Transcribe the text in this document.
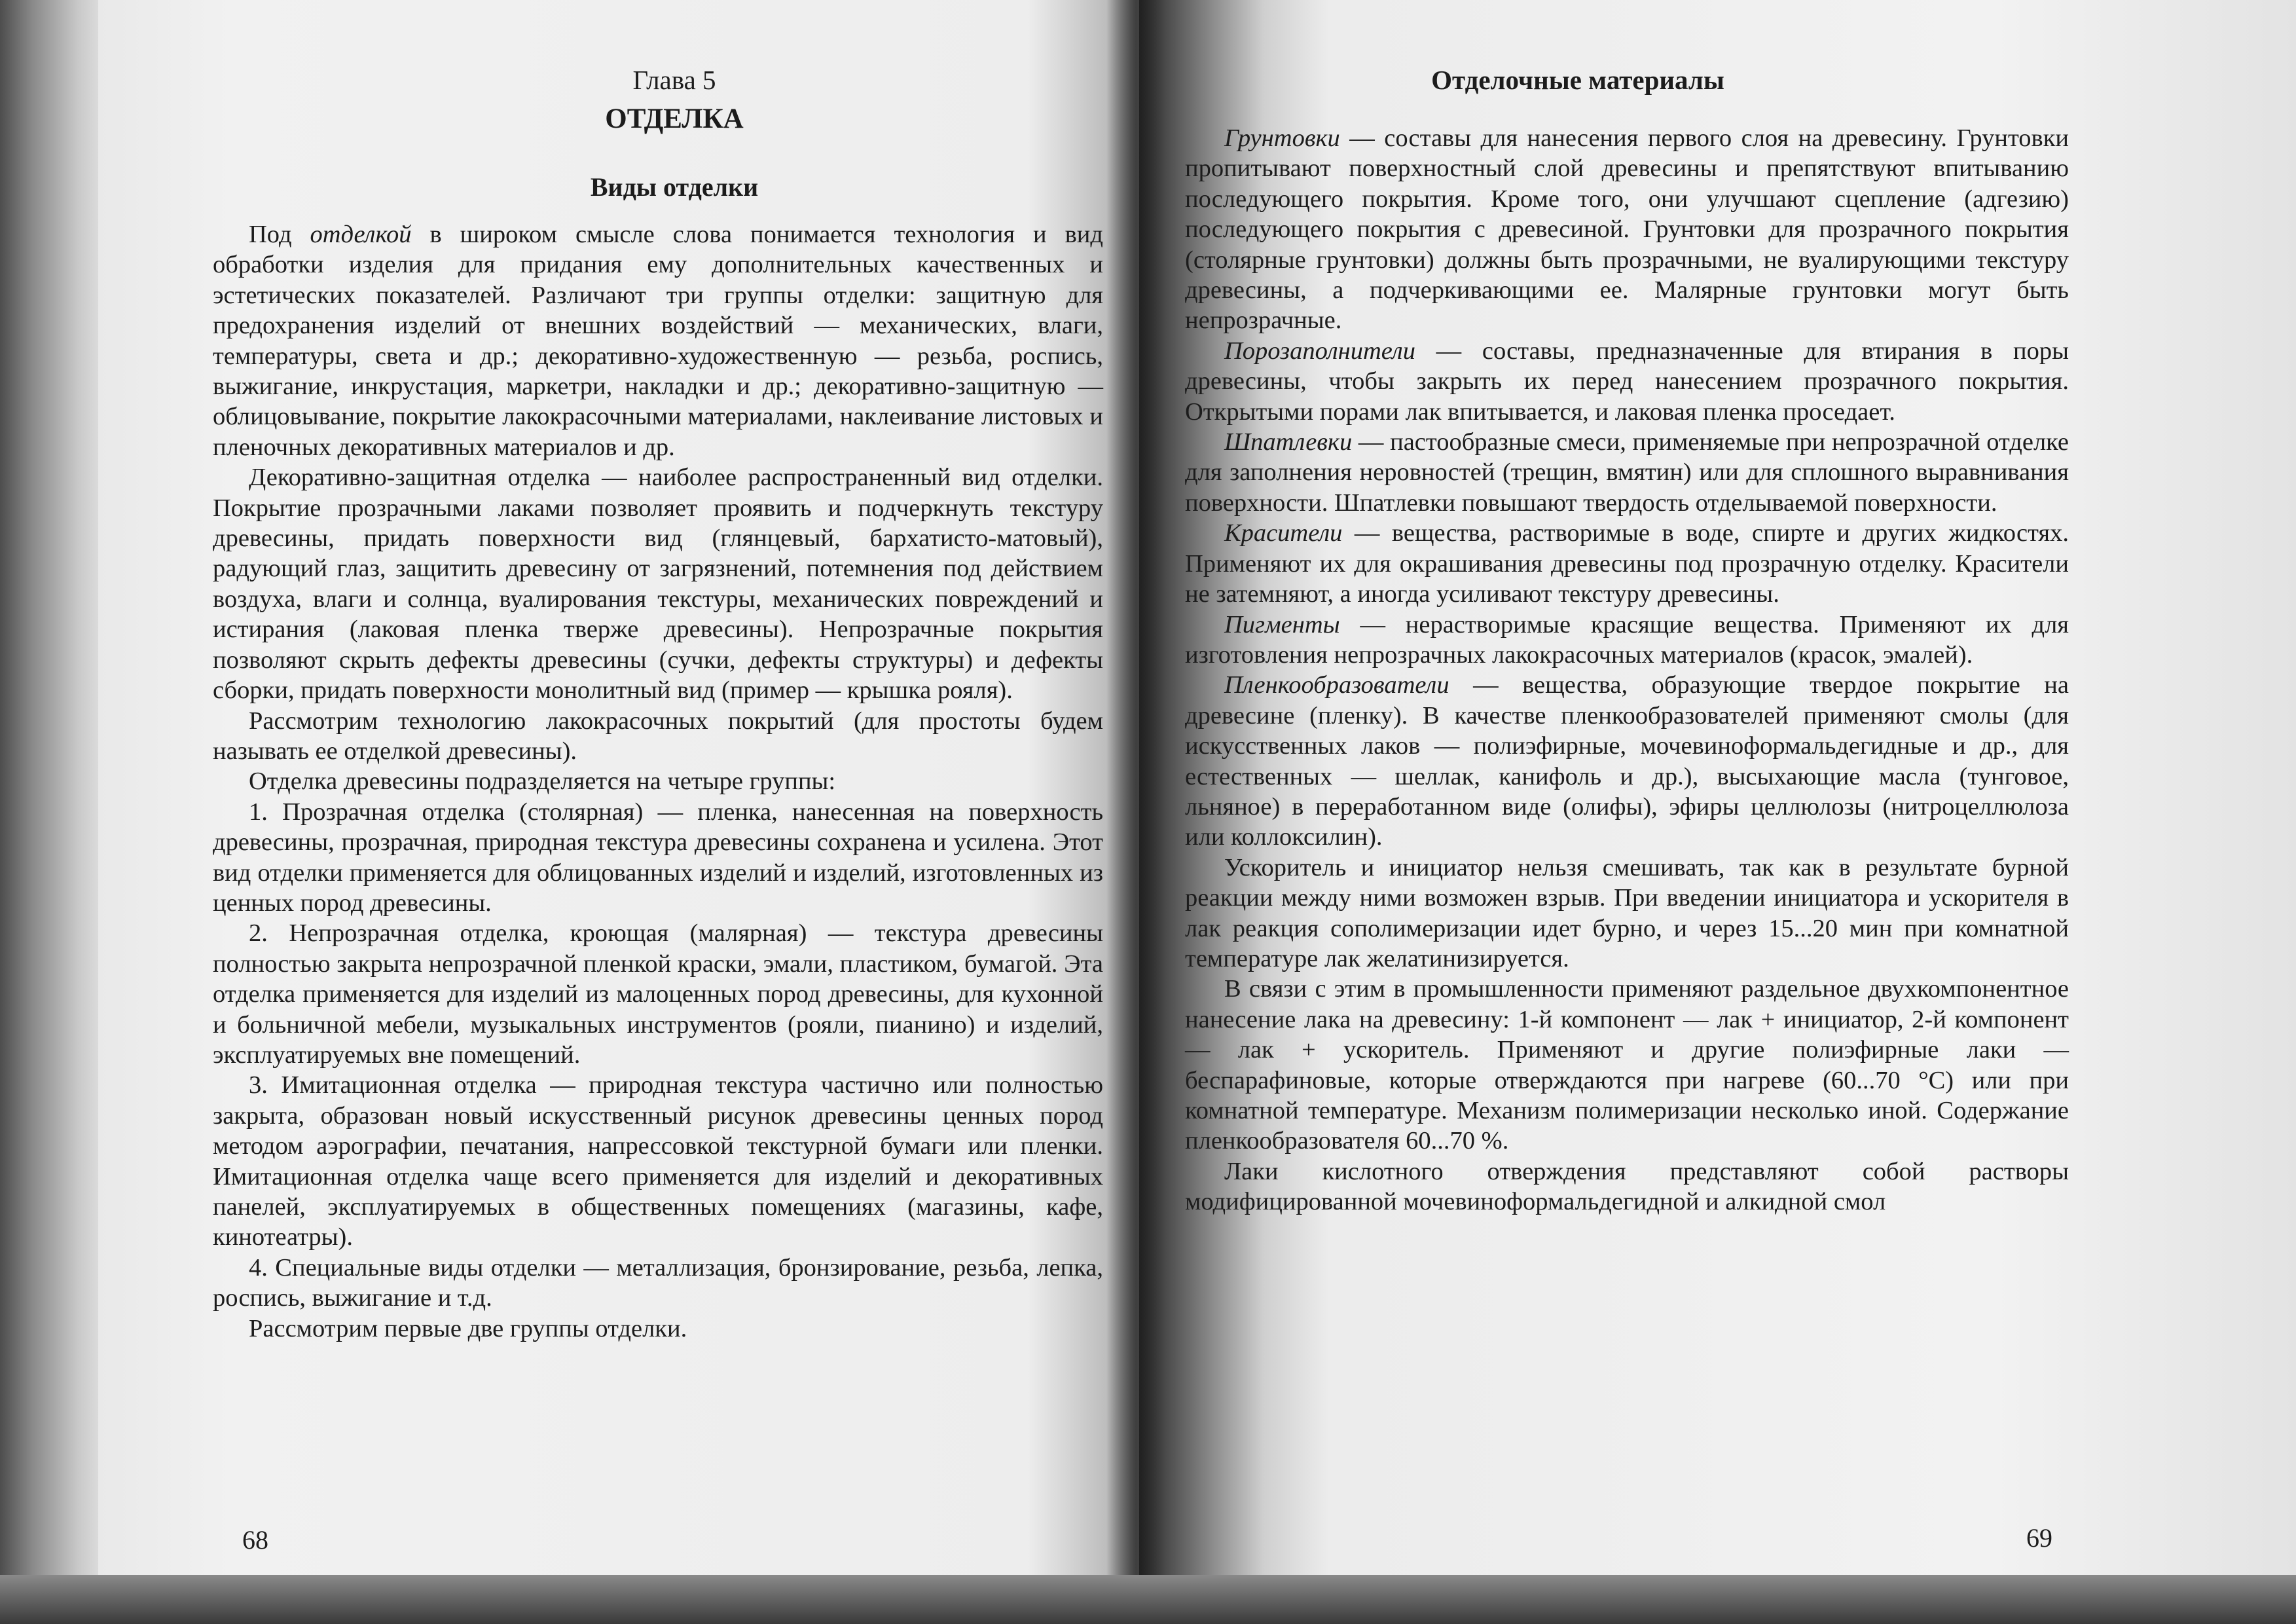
Глава 5

ОТДЕЛКА

Виды отделки

Под отделкой в широком смысле слова понимается технология и вид обработки изделия для придания ему дополнительных качественных и эстетических показателей. Различают три группы отделки: защитную для предохранения изделий от внешних воздействий — механических, влаги, температуры, света и др.; декоративно-художественную — резьба, роспись, выжигание, инкрустация, маркетри, накладки и др.; декоративно-защитную — облицовывание, покрытие лакокрасочными материалами, наклеивание листовых и пленочных декоративных материалов и др.

Декоративно-защитная отделка — наиболее распространенный вид отделки. Покрытие прозрачными лаками позволяет проявить и подчеркнуть текстуру древесины, придать поверхности вид (глянцевый, бархатисто-матовый), радующий глаз, защитить древесину от загрязнений, потемнения под действием воздуха, влаги и солнца, вуалирования текстуры, механических повреждений и истирания (лаковая пленка тверже древесины). Непрозрачные покрытия позволяют скрыть дефекты древесины (сучки, дефекты структуры) и дефекты сборки, придать поверхности монолитный вид (пример — крышка рояля).

Рассмотрим технологию лакокрасочных покрытий (для простоты будем называть ее отделкой древесины).

Отделка древесины подразделяется на четыре группы:

1. Прозрачная отделка (столярная) — пленка, нанесенная на поверхность древесины, прозрачная, природная текстура древесины сохранена и усилена. Этот вид отделки применяется для облицованных изделий и изделий, изготовленных из ценных пород древесины.

2. Непрозрачная отделка, кроющая (малярная) — текстура древесины полностью закрыта непрозрачной пленкой краски, эмали, пластиком, бумагой. Эта отделка применяется для изделий из малоценных пород древесины, для кухонной и больничной мебели, музыкальных инструментов (рояли, пианино) и изделий, эксплуатируемых вне помещений.

3. Имитационная отделка — природная текстура частично или полностью закрыта, образован новый искусственный рисунок древесины ценных пород методом аэрографии, печатания, напрессовкой текстурной бумаги или пленки. Имитационная отделка чаще всего применяется для изделий и декоративных панелей, эксплуатируемых в общественных помещениях (магазины, кафе, кинотеатры).

4. Специальные виды отделки — металлизация, бронзирование, резьба, лепка, роспись, выжигание и т.д.

Рассмотрим первые две группы отделки.

68

Отделочные материалы

Грунтовки — составы для нанесения первого слоя на древесину. Грунтовки пропитывают поверхностный слой древесины и препятствуют впитыванию последующего покрытия. Кроме того, они улучшают сцепление (адгезию) последующего покрытия с древесиной. Грунтовки для прозрачного покрытия (столярные грунтовки) должны быть прозрачными, не вуалирующими текстуру древесины, а подчеркивающими ее. Малярные грунтовки могут быть непрозрачные.

Порозаполнители — составы, предназначенные для втирания в поры древесины, чтобы закрыть их перед нанесением прозрачного покрытия. Открытыми порами лак впитывается, и лаковая пленка проседает.

Шпатлевки — пастообразные смеси, применяемые при непрозрачной отделке для заполнения неровностей (трещин, вмятин) или для сплошного выравнивания поверхности. Шпатлевки повышают твердость отделываемой поверхности.

Красители — вещества, растворимые в воде, спирте и других жидкостях. Применяют их для окрашивания древесины под прозрачную отделку. Красители не затемняют, а иногда усиливают текстуру древесины.

Пигменты — нерастворимые красящие вещества. Применяют их для изготовления непрозрачных лакокрасочных материалов (красок, эмалей).

Пленкообразователи — вещества, образующие твердое покрытие на древесине (пленку). В качестве пленкообразователей применяют смолы (для искусственных лаков — полиэфирные, мочевиноформальдегидные и др., для естественных — шеллак, канифоль и др.), высыхающие масла (тунговое, льняное) в переработанном виде (олифы), эфиры целлюлозы (нитроцеллюлоза или коллоксилин).

Ускоритель и инициатор нельзя смешивать, так как в результате бурной реакции между ними возможен взрыв. При введении инициатора и ускорителя в лак реакция сополимеризации идет бурно, и через 15...20 мин при комнатной температуре лак желатинизируется.

В связи с этим в промышленности применяют раздельное двухкомпонентное нанесение лака на древесину: 1-й компонент — лак + инициатор, 2-й компонент — лак + ускоритель. Применяют и другие полиэфирные лаки — беспарафиновые, которые отверждаются при нагреве (60...70 °С) или при комнатной температуре. Механизм полимеризации несколько иной. Содержание пленкообразователя 60...70 %.

Лаки кислотного отверждения представляют собой растворы модифицированной мочевиноформальдегидной и алкидной смол

69
